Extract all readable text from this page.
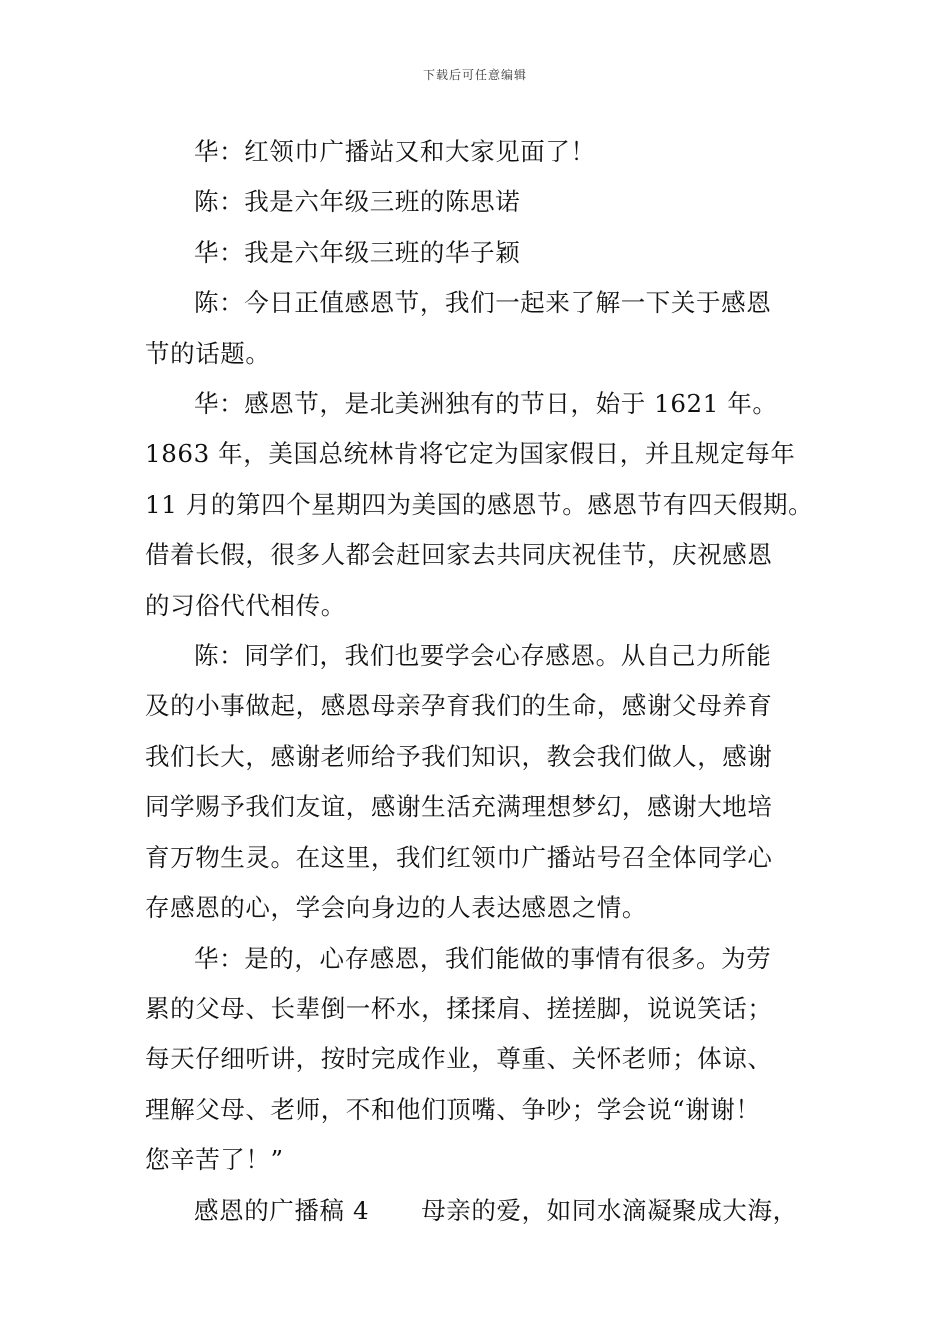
下载后可任意编辑

华：红领巾广播站又和大家见面了！

陈：我是六年级三班的陈思诺

华：我是六年级三班的华子颖

陈：今日正值感恩节，我们一起来了解一下关于感恩
节的话题。

华：感恩节，是北美洲独有的节日，始于 1621 年。
1863 年，美国总统林肯将它定为国家假日，并且规定每年
11 月的第四个星期四为美国的感恩节。感恩节有四天假期。
借着长假，很多人都会赶回家去共同庆祝佳节，庆祝感恩
的习俗代代相传。

陈：同学们，我们也要学会心存感恩。从自己力所能
及的小事做起，感恩母亲孕育我们的生命，感谢父母养育
我们长大，感谢老师给予我们知识，教会我们做人，感谢
同学赐予我们友谊，感谢生活充满理想梦幻，感谢大地培
育万物生灵。在这里，我们红领巾广播站号召全体同学心
存感恩的心，学会向身边的人表达感恩之情。

华：是的，心存感恩，我们能做的事情有很多。为劳
累的父母、长辈倒一杯水，揉揉肩、搓搓脚，说说笑话；
每天仔细听讲，按时完成作业，尊重、关怀老师；体谅、
理解父母、老师，不和他们顶嘴、争吵；学会说“谢谢！
您辛苦了！”

感恩的广播稿 4 母亲的爱，如同水滴凝聚成大海，
